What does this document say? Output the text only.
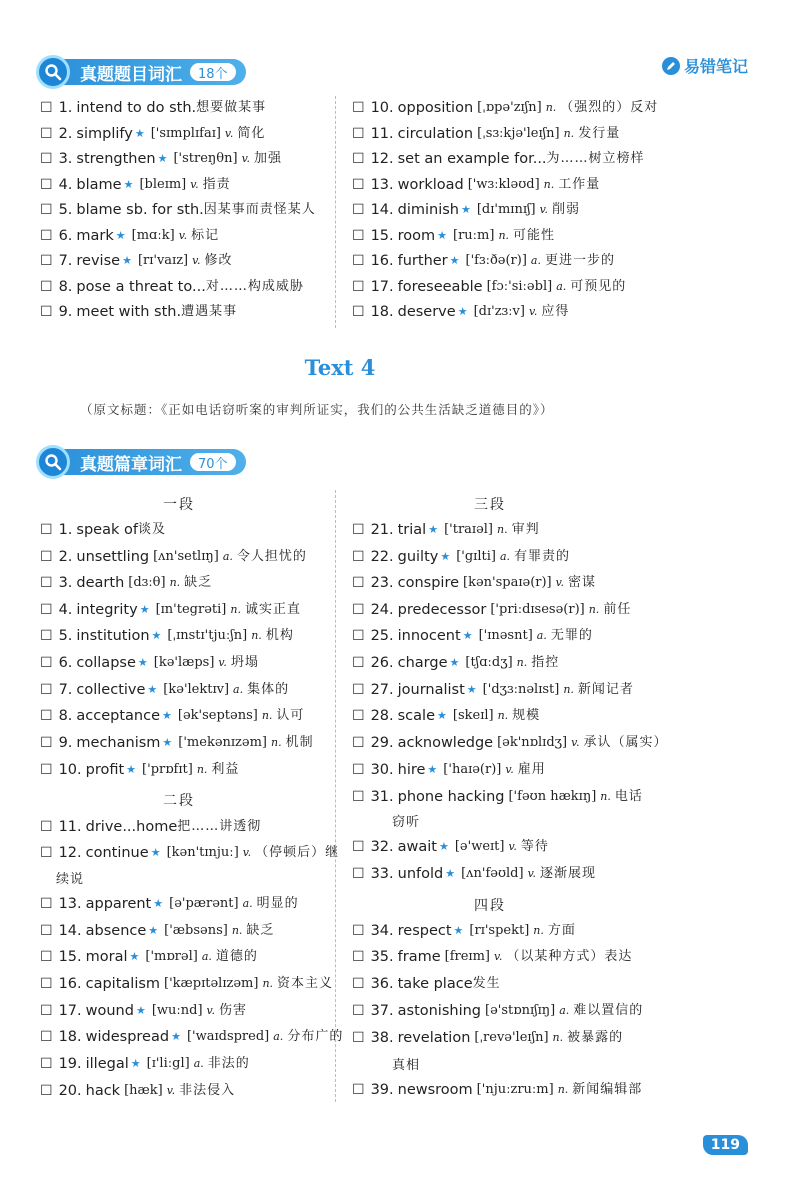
真题题目词汇	18个	易错笔记
☐ 1. intend to do sth. 想要做某事
☐ 2. simplify ★ ['sɪmplɪfaɪ] v. 简化
☐ 3. strengthen ★ ['streŋθn] v. 加强
☐ 4. blame ★ [bleɪm] v. 指责
☐ 5. blame sb. for sth. 因某事而责怪某人
☐ 6. mark ★ [mɑːk] v. 标记
☐ 7. revise ★ [rɪ'vaɪz] v. 修改
☐ 8. pose a threat to... 对……构成威胁
☐ 9. meet with sth. 遭遇某事
☐ 10. opposition [ˌɒpə'zɪʃn] n. （强烈的）反对
☐ 11. circulation [ˌsɜːkjə'leɪʃn] n. 发行量
☐ 12. set an example for... 为……树立榜样
☐ 13. workload ['wɜːkləʊd] n. 工作量
☐ 14. diminish ★ [dɪ'mɪnɪʃ] v. 削弱
☐ 15. room ★ [ruːm] n. 可能性
☐ 16. further ★ ['fɜːðə(r)] a. 更进一步的
☐ 17. foreseeable [fɔː'siːəbl] a. 可预见的
☐ 18. deserve ★ [dɪ'zɜːv] v. 应得
Text 4
（原文标题：《正如电话窃听案的审判所证实，我们的公共生活缺乏道德目的》）
真题篇章词汇	70个
一段
二段
三段
四段
☐ 1. speak of 谈及
☐ 2. unsettling [ʌn'setlɪŋ] a. 令人担忧的
☐ 3. dearth [dɜːθ] n. 缺乏
☐ 4. integrity ★ [ɪn'tegrəti] n. 诚实正直
☐ 5. institution ★ [ˌɪnstɪ'tjuːʃn] n. 机构
☐ 6. collapse ★ [kə'læps] v. 坍塌
☐ 7. collective ★ [kə'lektɪv] a. 集体的
☐ 8. acceptance ★ [ək'septəns] n. 认可
☐ 9. mechanism ★ ['mekənɪzəm] n. 机制
☐ 10. profit ★ ['prɒfɪt] n. 利益
☐ 11. drive...home 把……讲透彻
☐ 12. continue ★ [kən'tɪnjuː] v. （停顿后）继
☐ 13. apparent ★ [ə'pærənt] a. 明显的
☐ 14. absence ★ ['æbsəns] n. 缺乏
☐ 15. moral ★ ['mɒrəl] a. 道德的
☐ 16. capitalism ['kæpɪtəlɪzəm] n. 资本主义
☐ 17. wound ★ [wuːnd] v. 伤害
☐ 18. widespread ★ ['waɪdspred] a. 分布广的
☐ 19. illegal ★ [ɪ'liːgl] a. 非法的
☐ 20. hack [hæk] v. 非法侵入
☐ 21. trial ★ ['traɪəl] n. 审判
☐ 22. guilty ★ ['gɪlti] a. 有罪责的
☐ 23. conspire [kən'spaɪə(r)] v. 密谋
☐ 24. predecessor ['priːdɪsesə(r)] n. 前任
☐ 25. innocent ★ ['ɪnəsnt] a. 无罪的
☐ 26. charge ★ [tʃɑːdʒ] n. 指控
☐ 27. journalist ★ ['dʒɜːnəlɪst] n. 新闻记者
☐ 28. scale ★ [skeɪl] n. 规模
☐ 29. acknowledge [ək'nɒlɪdʒ] v. 承认（属实）
☐ 30. hire ★ ['haɪə(r)] v. 雇用
☐ 31. phone hacking ['fəʊn hækɪŋ] n. 电话
☐ 32. await ★ [ə'weɪt] v. 等待
☐ 33. unfold ★ [ʌn'fəʊld] v. 逐渐展现
☐ 34. respect ★ [rɪ'spekt] n. 方面
☐ 35. frame [freɪm] v. （以某种方式）表达
☐ 36. take place 发生
☐ 37. astonishing [ə'stɒnɪʃɪŋ] a. 难以置信的
☐ 38. revelation [ˌrevə'leɪʃn] n. 被暴露的
☐ 39. newsroom ['njuːzruːm] n. 新闻编辑部
续说
窃听
真相
119
